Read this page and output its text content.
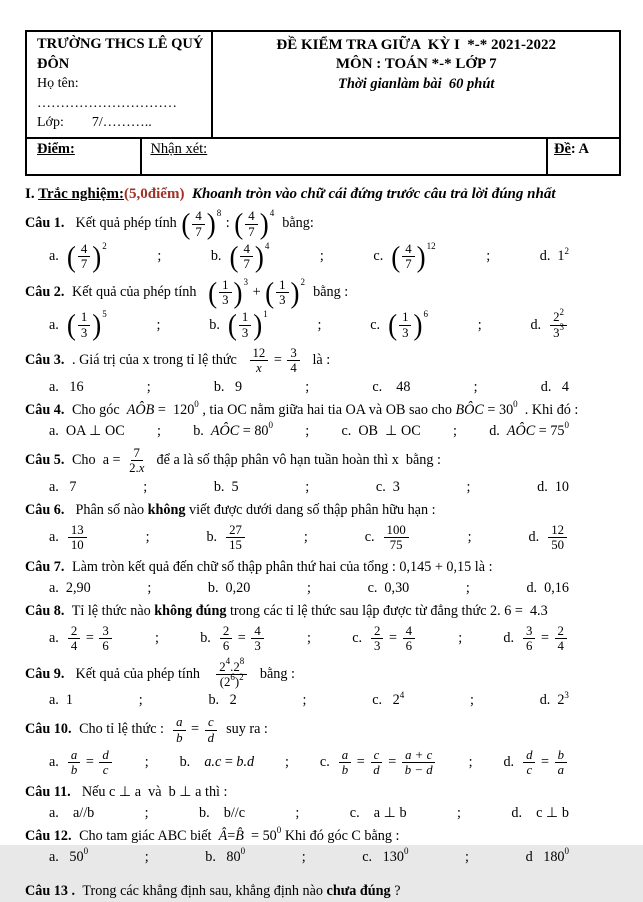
TRƯỜNG THCS LÊ QUÝ ĐÔN
Họ tên:  …………………………
Lớp:        7/………..
ĐỀ KIỂM TRA GIỮA  KỲ I  *-* 2021-2022
MÔN : TOÁN *-* LỚP 7
Thời gianlàm bài  60 phút
Điểm:	Nhận xét:	Đề: A
I. Trắc nghiệm:(5,0điểm)  Khoanh tròn vào chữ cái đứng trước câu trả lời đúng nhất
Câu 1.  Kết quả phép tính ( $\frac{4}{7}$ ) 8
: ( $\frac{4}{7}$ ) 4
bằng:
a. ( $\frac{4}{7}$ ) 2
;	b. ( $\frac{4}{7}$ ) 4
;	c. ( $\frac{4}{7}$ ) 12
;	d. $1^2$
Câu 2. Kết quả của phép tính ( $\frac{1}{3}$ ) 3
+ ( $\frac{1}{3}$ ) 2
bằng :
a. ( $\frac{1}{3}$ ) 5
;	b. ( $\frac{1}{3}$ ) 1
;	c. ( $\frac{1}{3}$ ) 6
;	d. $\frac{2^2}{3^3}$
Câu 3. . Giá trị của x trong tỉ lệ thức $\frac{12}{x} = \frac{3}{4}$ là :
a. 16	;	b. 9	;	c. 48	;	d. 4
Câu 4. Cho góc  AÔB =  $120^0$ , tia OC nằm giữa hai tia OA và OB sao cho BÔC = $30^0$  . Khi đó :
a. OA ⊥ OC ; b. AÔC = $80^0$ ; c. OB  ⊥ OC ; d. AÔC = $75^0$
Câu 5. Cho  $a = \frac{7}{2. x}$ để a là số thập phân vô hạn tuần hoàn thì x  bằng :
a. 7	;	b. 5	;	c. 3	;	d. 10
Câu 6.  Phân số nào không viết được dưới dang số thập phân hữu hạn :
a. $\frac{13}{10}$	;	b. $\frac{27}{15}$	;	c. $\frac{100}{75}$	;	d. $\frac{12}{50}$
Câu 7. Làm tròn kết quả đến chữ số thập phân thứ hai của tổng : 0,145 + 0,15 là :
a. 2,90	;	b. 0,20	;	c. 0,30	;	d. 0,16
Câu 8. Tỉ lệ thức nào không đúng trong các tỉ lệ thức sau lập được từ đẳng thức 2. 6 =  4.3
a. $\frac{2}{4} = \frac{3}{6}$	;	b. $\frac{2}{6} = \frac{4}{3}$	;	c. $\frac{2}{3} = \frac{4}{6}$	;	d. $\frac{3}{6} = \frac{2}{4}$
Câu 9.  Kết quả của phép tính $\frac{2^4 . 2^8}{(2^6 )^2}$ bằng :
a. 1	;	b. 2	;	c. $2^4$	;	d. $2^3$
Câu 10. Cho tỉ lệ thức : $\frac{a}{b} = \frac{c}{d}$ suy ra :
a. $\frac{a}{b} = \frac{d}{c}$ ; b.
a.c = b.d ; c. $\frac{a}{b} = \frac{c}{d} = \frac{a + c}{b - d}$ ; d. $\frac{d}{c} = \frac{b}{a}$
Câu 11.  Nếu c ⊥ a  và  b ⊥ a thì :
a. a//b	;	b. b//c	;	c. a ⊥ b	;	d. c ⊥ b
Câu 12. Cho tam giác ABC biết  Â=B̂  = $50^0$ Khi đó góc C bằng :
a. $50^0$	;	b. $80^0$	;	c. $130^0$	;	d $180^0$
Câu 13 . Trong các khẳng định sau, khẳng định nào chưa đúng ?
